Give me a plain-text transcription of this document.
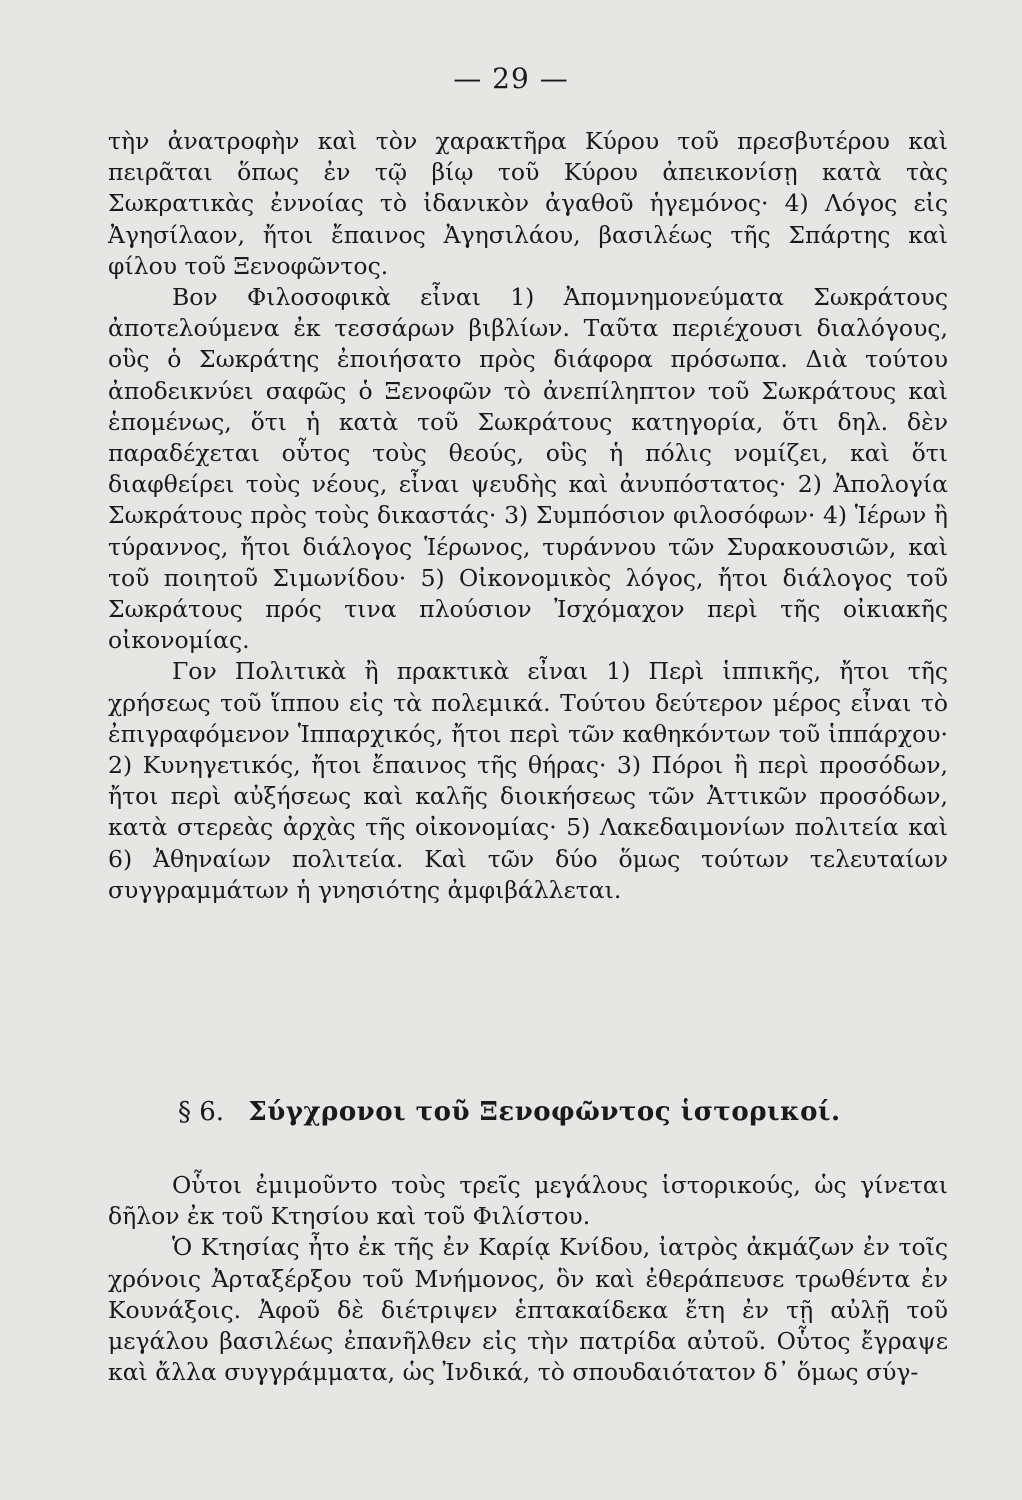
— 29 —

τὴν ἀνατροφὴν καὶ τὸν χαρακτῆρα Κύρου τοῦ πρεσβυτέρου καὶ πειρᾶται ὅπως ἐν τῷ βίῳ τοῦ Κύρου ἀπεικονίσῃ κατὰ τὰς Σωκρατικὰς ἐννοίας τὸ ἰδανικὸν ἀγαθοῦ ἡγεμόνος· 4) Λόγος εἰς Ἀγησίλαον, ἤτοι ἔπαινος Ἀγησιλάου, βασιλέως τῆς Σπάρτης καὶ φίλου τοῦ Ξενοφῶντος.

Βον Φιλοσοφικὰ εἶναι 1) Ἀπομνημονεύματα Σωκράτους ἀποτελούμενα ἐκ τεσσάρων βιβλίων. Ταῦτα περιέχουσι διαλόγους, οὓς ὁ Σωκράτης ἐποιήσατο πρὸς διάφορα πρόσωπα. Διὰ τούτου ἀποδεικνύει σαφῶς ὁ Ξενοφῶν τὸ ἀνεπίληπτον τοῦ Σωκράτους καὶ ἑπομένως, ὅτι ἡ κατὰ τοῦ Σωκράτους κατηγορία, ὅτι δηλ. δὲν παραδέχεται οὗτος τοὺς θεούς, οὓς ἡ πόλις νομίζει, καὶ ὅτι διαφθείρει τοὺς νέους, εἶναι ψευδὴς καὶ ἀνυπόστατος· 2) Ἀπολογία Σωκράτους πρὸς τοὺς δικαστάς· 3) Συμπόσιον φιλοσόφων· 4) Ἱέρων ἢ τύραννος, ἤτοι διάλογος Ἱέρωνος, τυράννου τῶν Συρακουσιῶν, καὶ τοῦ ποιητοῦ Σιμωνίδου· 5) Οἰκονομικὸς λόγος, ἤτοι διάλογος τοῦ Σωκράτους πρός τινα πλούσιον Ἰσχόμαχον περὶ τῆς οἰκιακῆς οἰκονομίας.

Γον Πολιτικὰ ἢ πρακτικὰ εἶναι 1) Περὶ ἱππικῆς, ἤτοι τῆς χρήσεως τοῦ ἵππου εἰς τὰ πολεμικά. Τούτου δεύτερον μέρος εἶναι τὸ ἐπιγραφόμενον Ἱππαρχικός, ἤτοι περὶ τῶν καθηκόντων τοῦ ἱππάρχου· 2) Κυνηγετικός, ἤτοι ἔπαινος τῆς θήρας· 3) Πόροι ἢ περὶ προσόδων, ἤτοι περὶ αὐξήσεως καὶ καλῆς διοικήσεως τῶν Ἀττικῶν προσόδων, κατὰ στερεὰς ἀρχὰς τῆς οἰκονομίας· 5) Λακεδαιμονίων πολιτεία καὶ 6) Ἀθηναίων πολιτεία. Καὶ τῶν δύο ὅμως τούτων τελευταίων συγγραμμάτων ἡ γνησιότης ἀμφιβάλλεται.

§ 6. Σύγχρονοι τοῦ Ξενοφῶντος ἱστορικοί.

Οὗτοι ἐμιμοῦντο τοὺς τρεῖς μεγάλους ἱστορικούς, ὡς γίνεται δῆλον ἐκ τοῦ Κτησίου καὶ τοῦ Φιλίστου.

Ὁ Κτησίας ἦτο ἐκ τῆς ἐν Καρίᾳ Κνίδου, ἰατρὸς ἀκμάζων ἐν τοῖς χρόνοις Ἀρταξέρξου τοῦ Μνήμονος, ὃν καὶ ἐθεράπευσε τρωθέντα ἐν Κουνάξοις. Ἀφοῦ δὲ διέτριψεν ἑπτακαίδεκα ἔτη ἐν τῇ αὐλῇ τοῦ μεγάλου βασιλέως ἐπανῆλθεν εἰς τὴν πατρίδα αὐτοῦ. Οὗτος ἔγραψε καὶ ἄλλα συγγράμματα, ὡς Ἰνδικά, τὸ σπουδαιότατον δ᾽ ὅμως σύγ-
